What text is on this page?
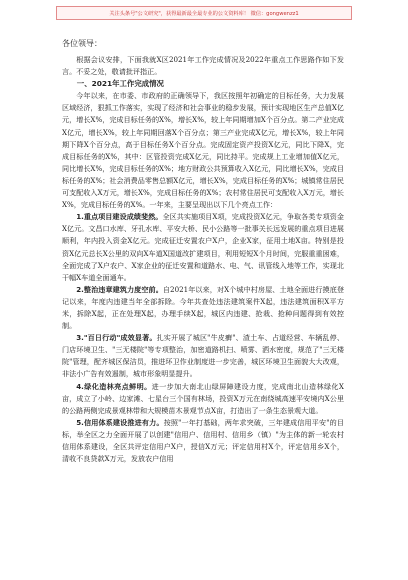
关注头条号"公文研究"，获得最新最全最专业的公文资料库！ 微信：gongwenzz1

各位领导：

根据会议安排，下面我就X区2021年工作完成情况及2022年重点工作思路作如下发言。不妥之处，敬请批评指正。

一、2021年工作完成情况

今年以来，在市委、市政府的正确领导下，我区按照年初确定的目标任务，大力发展区域经济，狠抓工作落实，实现了经济和社会事业的稳步发展，预计实现地区生产总值X亿元，增长X%，完成目标任务的X%，增长X%，较上年同期增加X个百分点。第二产业完成X亿元，增长X%，较上年同期回落X个百分点；第三产业完成X亿元，增长X%，较上年同期下降X个百分点，高于目标任务X个百分点。完成固定资产投资X亿元，同比下降X，完成目标任务的X%，其中：区管投资完成X亿元，同比持平。完成规上工业增加值X亿元，同比增长X%，完成目标任务的X%；地方财政公共预算收入X亿元，同比增长X%，完成目标任务的X%；社会消费品零售总额X亿元，增长X%，完成目标任务的X%；城镇常住居民可支配收入X万元，增长X%，完成目标任务的X%；农村常住居民可支配收入X万元，增长X%，完成目标任务的X%。一年来，主要呈现出以下几个亮点工作：

1.重点项目建设成绩斐然。全区共实施项目X项，完成投资X亿元，争取各类专项资金X亿元。文昌口水库、牙孔水库、平安大桥、民小公路等一批事关长远发展的重点项目进展顺利，年内投入资金X亿元。完成征迁安置农户X户，企业X家，征用土地X亩。特别是投资X亿元总长X公里的双向X车道X国道改扩建项目，利用短短X个月时间，完服重重困难，全面完成了X户农户、X家企业的征迁安置和道路水、电、气、讯管线入地等工作，实现北干幅X车道全面通车。

2.整治违章建筑力度空前。自2021年以来，对X个城中村房屋、土地全面进行摸底登记以来，年度内违建当年全部拆除。今年共查处违法建筑案件X起，违法建筑面积X平方米，拆除X起，正在处理X起，办理手续X起，城区内违建、抢栽、抢种问题得到有效控制。

3."百日行动"成效显著。扎实开展了城区"牛皮癣"、渣土车、占道经营、车辆乱停、门店环境卫生、"三无楼院"等专项整治，加密道路机扫、喷雾、洒水密度，规范了"三无楼院"管理，配齐城区保洁员，推进环卫作业制度进一步完善，城区环境卫生面貌大大改观，非法小广告有效遏制，城市形象明显提升。

4.绿化造林亮点鲜明。进一步加大南北山绿屏障建设力度，完成南北山造林绿化X亩，成立了小岭、边家滩、七星台三个国有林场，投资X万元在南绕城高速平安境内X公里的公路两侧完成景观林带和大规模苗木景观节点X亩，打造出了一条生态景观大道。

5.信用体系建设推进有力。按照"一年打基础，两年求突破，三年建成信用平安"的目标，举全区之力全面开展了以创建"信用户、信用村、信用乡（镇）"为主体的新一轮农村信用体系建设，全区共评定信用户X户，授信X万元；评定信用村X个，评定信用乡X个，清收不良贷款X万元，发放农户信用
